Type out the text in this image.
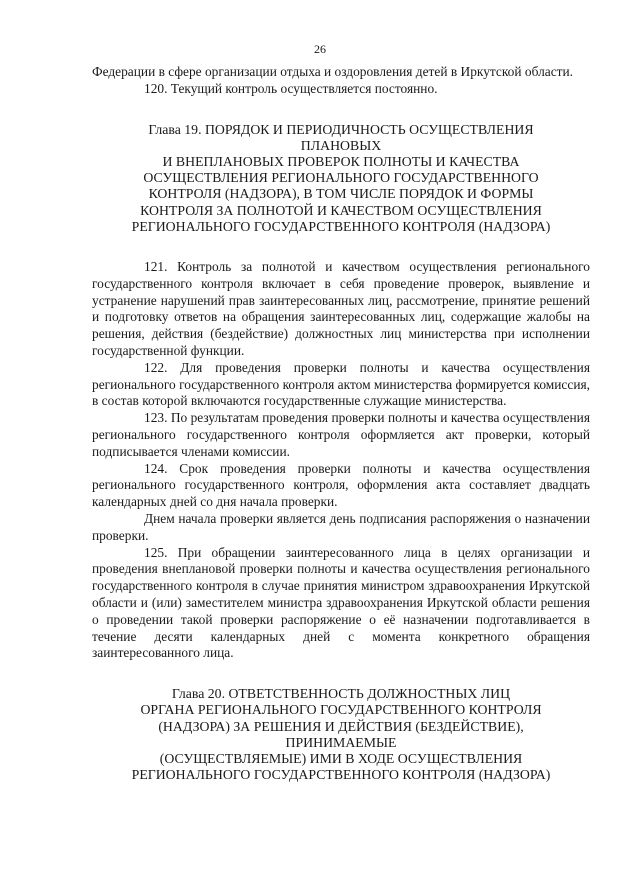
26

Федерации в сфере организации отдыха и оздоровления детей в Иркутской области.

120. Текущий контроль осуществляется постоянно.

Глава 19. ПОРЯДОК И ПЕРИОДИЧНОСТЬ ОСУЩЕСТВЛЕНИЯ
ПЛАНОВЫХ
И ВНЕПЛАНОВЫХ ПРОВЕРОК ПОЛНОТЫ И КАЧЕСТВА
ОСУЩЕСТВЛЕНИЯ РЕГИОНАЛЬНОГО ГОСУДАРСТВЕННОГО
КОНТРОЛЯ (НАДЗОРА), В ТОМ ЧИСЛЕ ПОРЯДОК И ФОРМЫ
КОНТРОЛЯ ЗА ПОЛНОТОЙ И КАЧЕСТВОМ ОСУЩЕСТВЛЕНИЯ
РЕГИОНАЛЬНОГО ГОСУДАРСТВЕННОГО КОНТРОЛЯ (НАДЗОРА)

121. Контроль за полнотой и качеством осуществления регионального государственного контроля включает в себя проведение проверок, выявление и устранение нарушений прав заинтересованных лиц, рассмотрение, принятие решений и подготовку ответов на обращения заинтересованных лиц, содержащие жалобы на решения, действия (бездействие) должностных лиц министерства при исполнении государственной функции.

122. Для проведения проверки полноты и качества осуществления регионального государственного контроля актом министерства формируется комиссия, в состав которой включаются государственные служащие министерства.

123. По результатам проведения проверки полноты и качества осуществления регионального государственного контроля оформляется акт проверки, который подписывается членами комиссии.

124. Срок проведения проверки полноты и качества осуществления регионального государственного контроля, оформления акта составляет двадцать календарных дней со дня начала проверки.

Днем начала проверки является день подписания распоряжения о назначении проверки.

125. При обращении заинтересованного лица в целях организации и проведения внеплановой проверки полноты и качества осуществления регионального государственного контроля в случае принятия министром здравоохранения Иркутской области и (или) заместителем министра здравоохранения Иркутской области решения о проведении такой проверки распоряжение о её назначении подготавливается в течение десяти календарных дней с момента конкретного обращения заинтересованного лица.

Глава 20. ОТВЕТСТВЕННОСТЬ ДОЛЖНОСТНЫХ ЛИЦ
ОРГАНА РЕГИОНАЛЬНОГО ГОСУДАРСТВЕННОГО КОНТРОЛЯ
(НАДЗОРА) ЗА РЕШЕНИЯ И ДЕЙСТВИЯ (БЕЗДЕЙСТВИЕ),
ПРИНИМАЕМЫЕ
(ОСУЩЕСТВЛЯЕМЫЕ) ИМИ В ХОДЕ ОСУЩЕСТВЛЕНИЯ
РЕГИОНАЛЬНОГО ГОСУДАРСТВЕННОГО КОНТРОЛЯ (НАДЗОРА)
